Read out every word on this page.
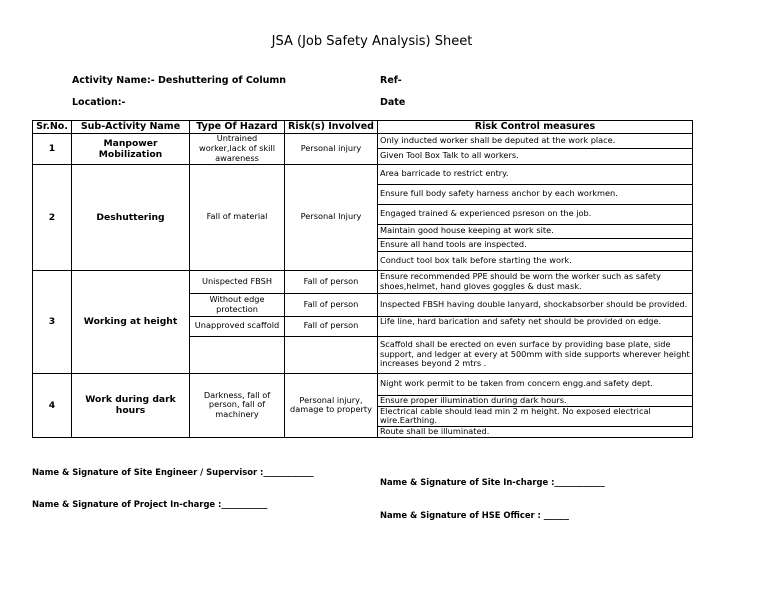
JSA (Job Safety Analysis) Sheet
Activity Name:- Deshuttering of Column
Location:-
Ref-
Date
Sr.No.	Sub-Activity Name	Type Of Hazard	Risk(s) Involved	Risk Control measures
1	Manpower Mobilization	Untrained worker,lack of skill awareness	Personal injury	Only inducted worker shall be deputed at the work place.
				Given Tool Box Talk to all workers.
2	Deshuttering	Fall of material	Personal Injury	Area barricade to restrict entry.
				Ensure full body safety harness anchor by each workmen.
				Engaged trained & experienced psreson on the job.
				Maintain good house keeping at work site.
				Ensure all hand tools are inspected.
				Conduct tool box talk before starting the work.
3	Working at height	Unispected FBSH	Fall of person	Ensure recommended PPE should be worn the worker such as safety shoes,helmet, hand gloves goggles & dust mask.
		Without edge protection	Fall of person	Inspected FBSH having double lanyard, shockabsorber should be provided.
		Unapproved scaffold	Fall of person	Life line, hard barication and safety net should be provided on edge.
				Scaffold shall be erected on even surface by providing base plate, side support, and ledger at every at 500mm with side supports wherever height increases beyond 2 mtrs .
4	Work during dark hours	Darkness, fall of person, fall of machinery	Personal injury, damage to property	Night work permit to be taken from concern engg.and safety dept.
				Ensure proper illumination during dark hours.
				Electrical cable should lead min 2 m height. No exposed electrical wire.Earthing.
				Route shall be illuminated.
Name & Signature of Site Engineer / Supervisor :____________
Name & Signature of Project In-charge :___________
Name & Signature of Site In-charge :____________
Name & Signature of HSE Officer : ______
